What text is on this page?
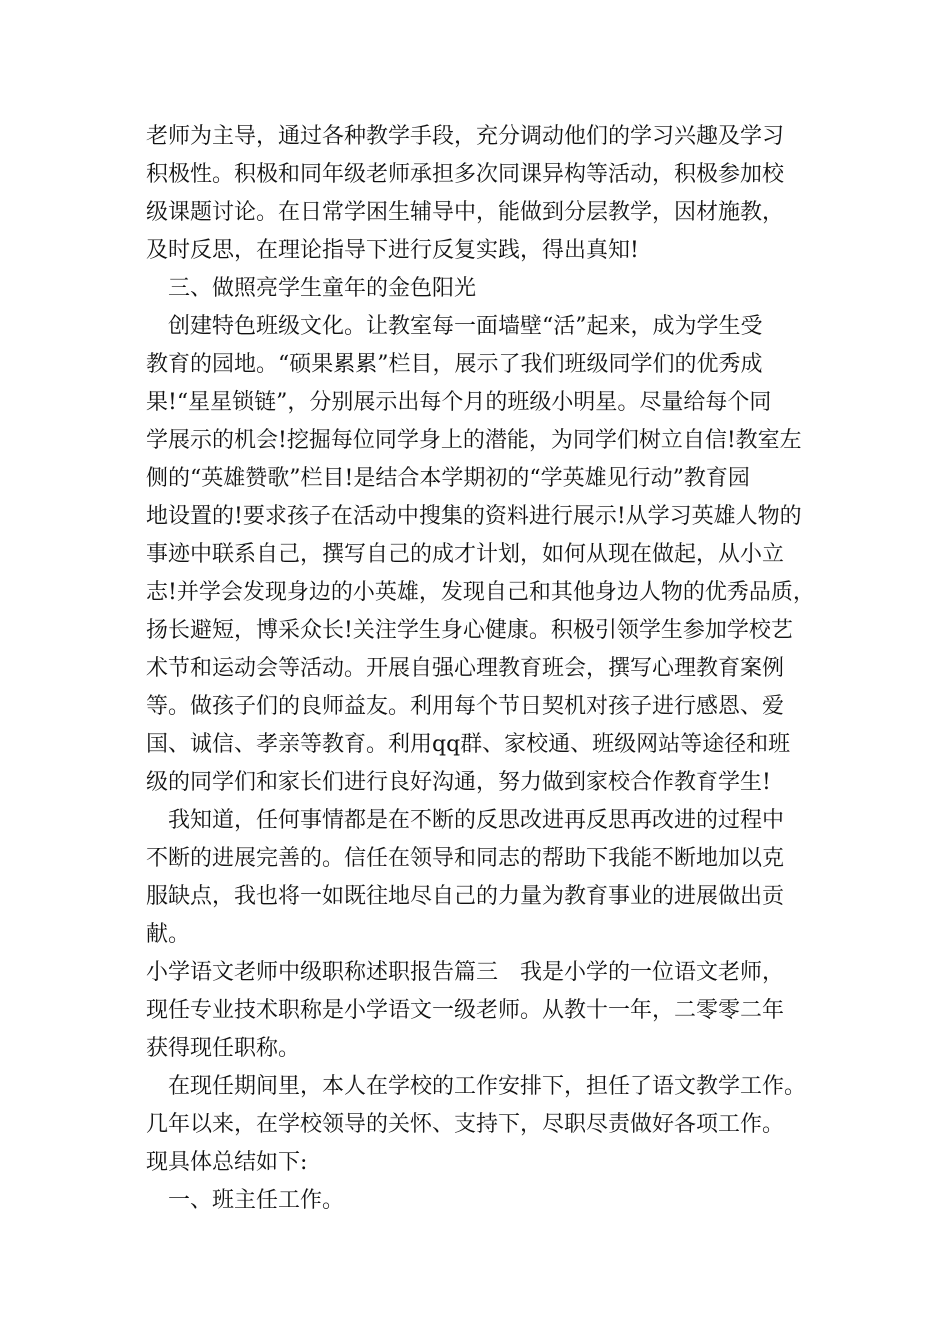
老师为主导，通过各种教学手段，充分调动他们的学习兴趣及学习
积极性。积极和同年级老师承担多次同课异构等活动，积极参加校
级课题讨论。在日常学困生辅导中，能做到分层教学，因材施教，
及时反思，在理论指导下进行反复实践，得出真知!
三、做照亮学生童年的金色阳光
创建特色班级文化。让教室每一面墙壁“活”起来，成为学生受
教育的园地。“硕果累累”栏目，展示了我们班级同学们的优秀成
果!“星星锁链”，分别展示出每个月的班级小明星。尽量给每个同
学展示的机会!挖掘每位同学身上的潜能，为同学们树立自信!教室左
侧的“英雄赞歌”栏目!是结合本学期初的“学英雄见行动”教育园
地设置的!要求孩子在活动中搜集的资料进行展示!从学习英雄人物的
事迹中联系自己，撰写自己的成才计划，如何从现在做起，从小立
志!并学会发现身边的小英雄，发现自己和其他身边人物的优秀品质，
扬长避短，博采众长!关注学生身心健康。积极引领学生参加学校艺
术节和运动会等活动。开展自强心理教育班会，撰写心理教育案例
等。做孩子们的良师益友。利用每个节日契机对孩子进行感恩、爱
国、诚信、孝亲等教育。利用qq群、家校通、班级网站等途径和班
级的同学们和家长们进行良好沟通，努力做到家校合作教育学生!
我知道，任何事情都是在不断的反思改进再反思再改进的过程中
不断的进展完善的。信任在领导和同志的帮助下我能不断地加以克
服缺点，我也将一如既往地尽自己的力量为教育事业的进展做出贡
献。
小学语文老师中级职称述职报告篇三　我是小学的一位语文老师，
现任专业技术职称是小学语文一级老师。从教十一年，二零零二年
获得现任职称。
在现任期间里，本人在学校的工作安排下，担任了语文教学工作。
几年以来，在学校领导的关怀、支持下，尽职尽责做好各项工作。
现具体总结如下:
一、班主任工作。
